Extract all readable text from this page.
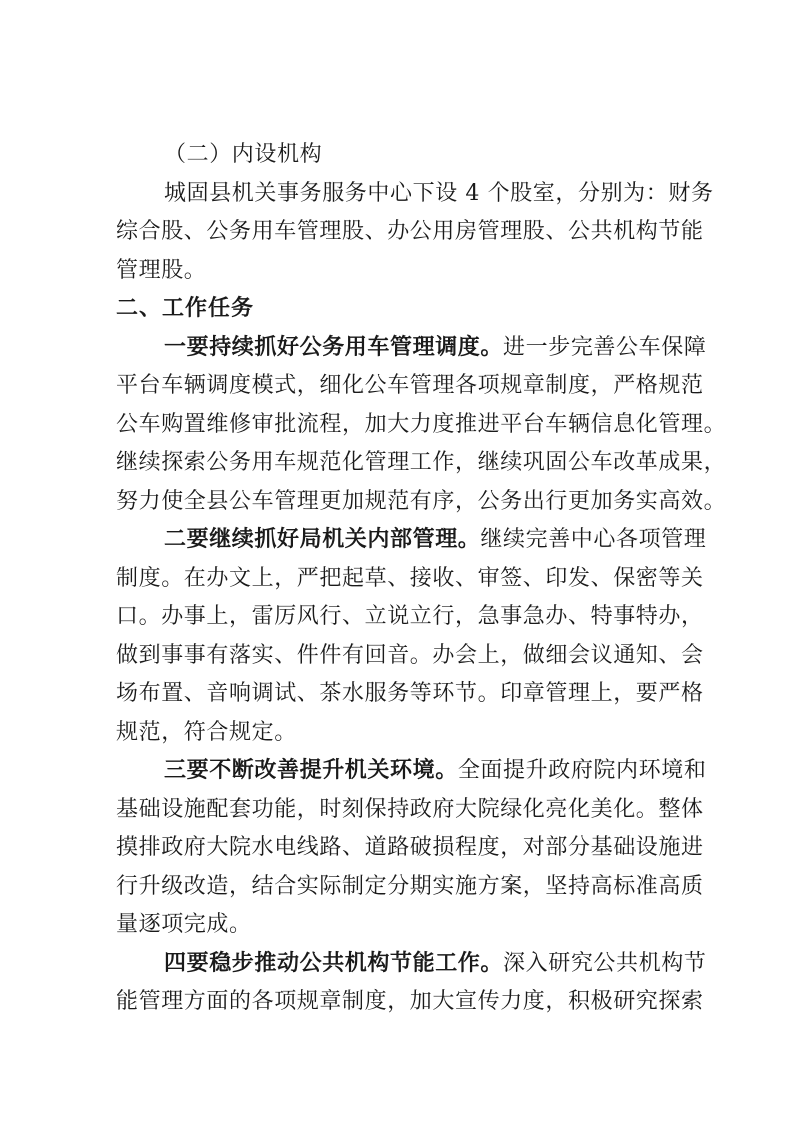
（二）内设机构
城固县机关事务服务中心下设 4 个股室，分别为：财务
综合股、公务用车管理股、办公用房管理股、公共机构节能
管理股。
二、工作任务
一要持续抓好公务用车管理调度。进一步完善公车保障
平台车辆调度模式，细化公车管理各项规章制度，严格规范
公车购置维修审批流程，加大力度推进平台车辆信息化管理。
继续探索公务用车规范化管理工作，继续巩固公车改革成果，
努力使全县公车管理更加规范有序，公务出行更加务实高效。
二要继续抓好局机关内部管理。继续完善中心各项管理
制度。在办文上，严把起草、接收、审签、印发、保密等关
口。办事上，雷厉风行、立说立行，急事急办、特事特办，
做到事事有落实、件件有回音。办会上，做细会议通知、会
场布置、音响调试、茶水服务等环节。印章管理上，要严格
规范，符合规定。
三要不断改善提升机关环境。全面提升政府院内环境和
基础设施配套功能，时刻保持政府大院绿化亮化美化。整体
摸排政府大院水电线路、道路破损程度，对部分基础设施进
行升级改造，结合实际制定分期实施方案，坚持高标准高质
量逐项完成。
四要稳步推动公共机构节能工作。深入研究公共机构节
能管理方面的各项规章制度，加大宣传力度，积极研究探索
